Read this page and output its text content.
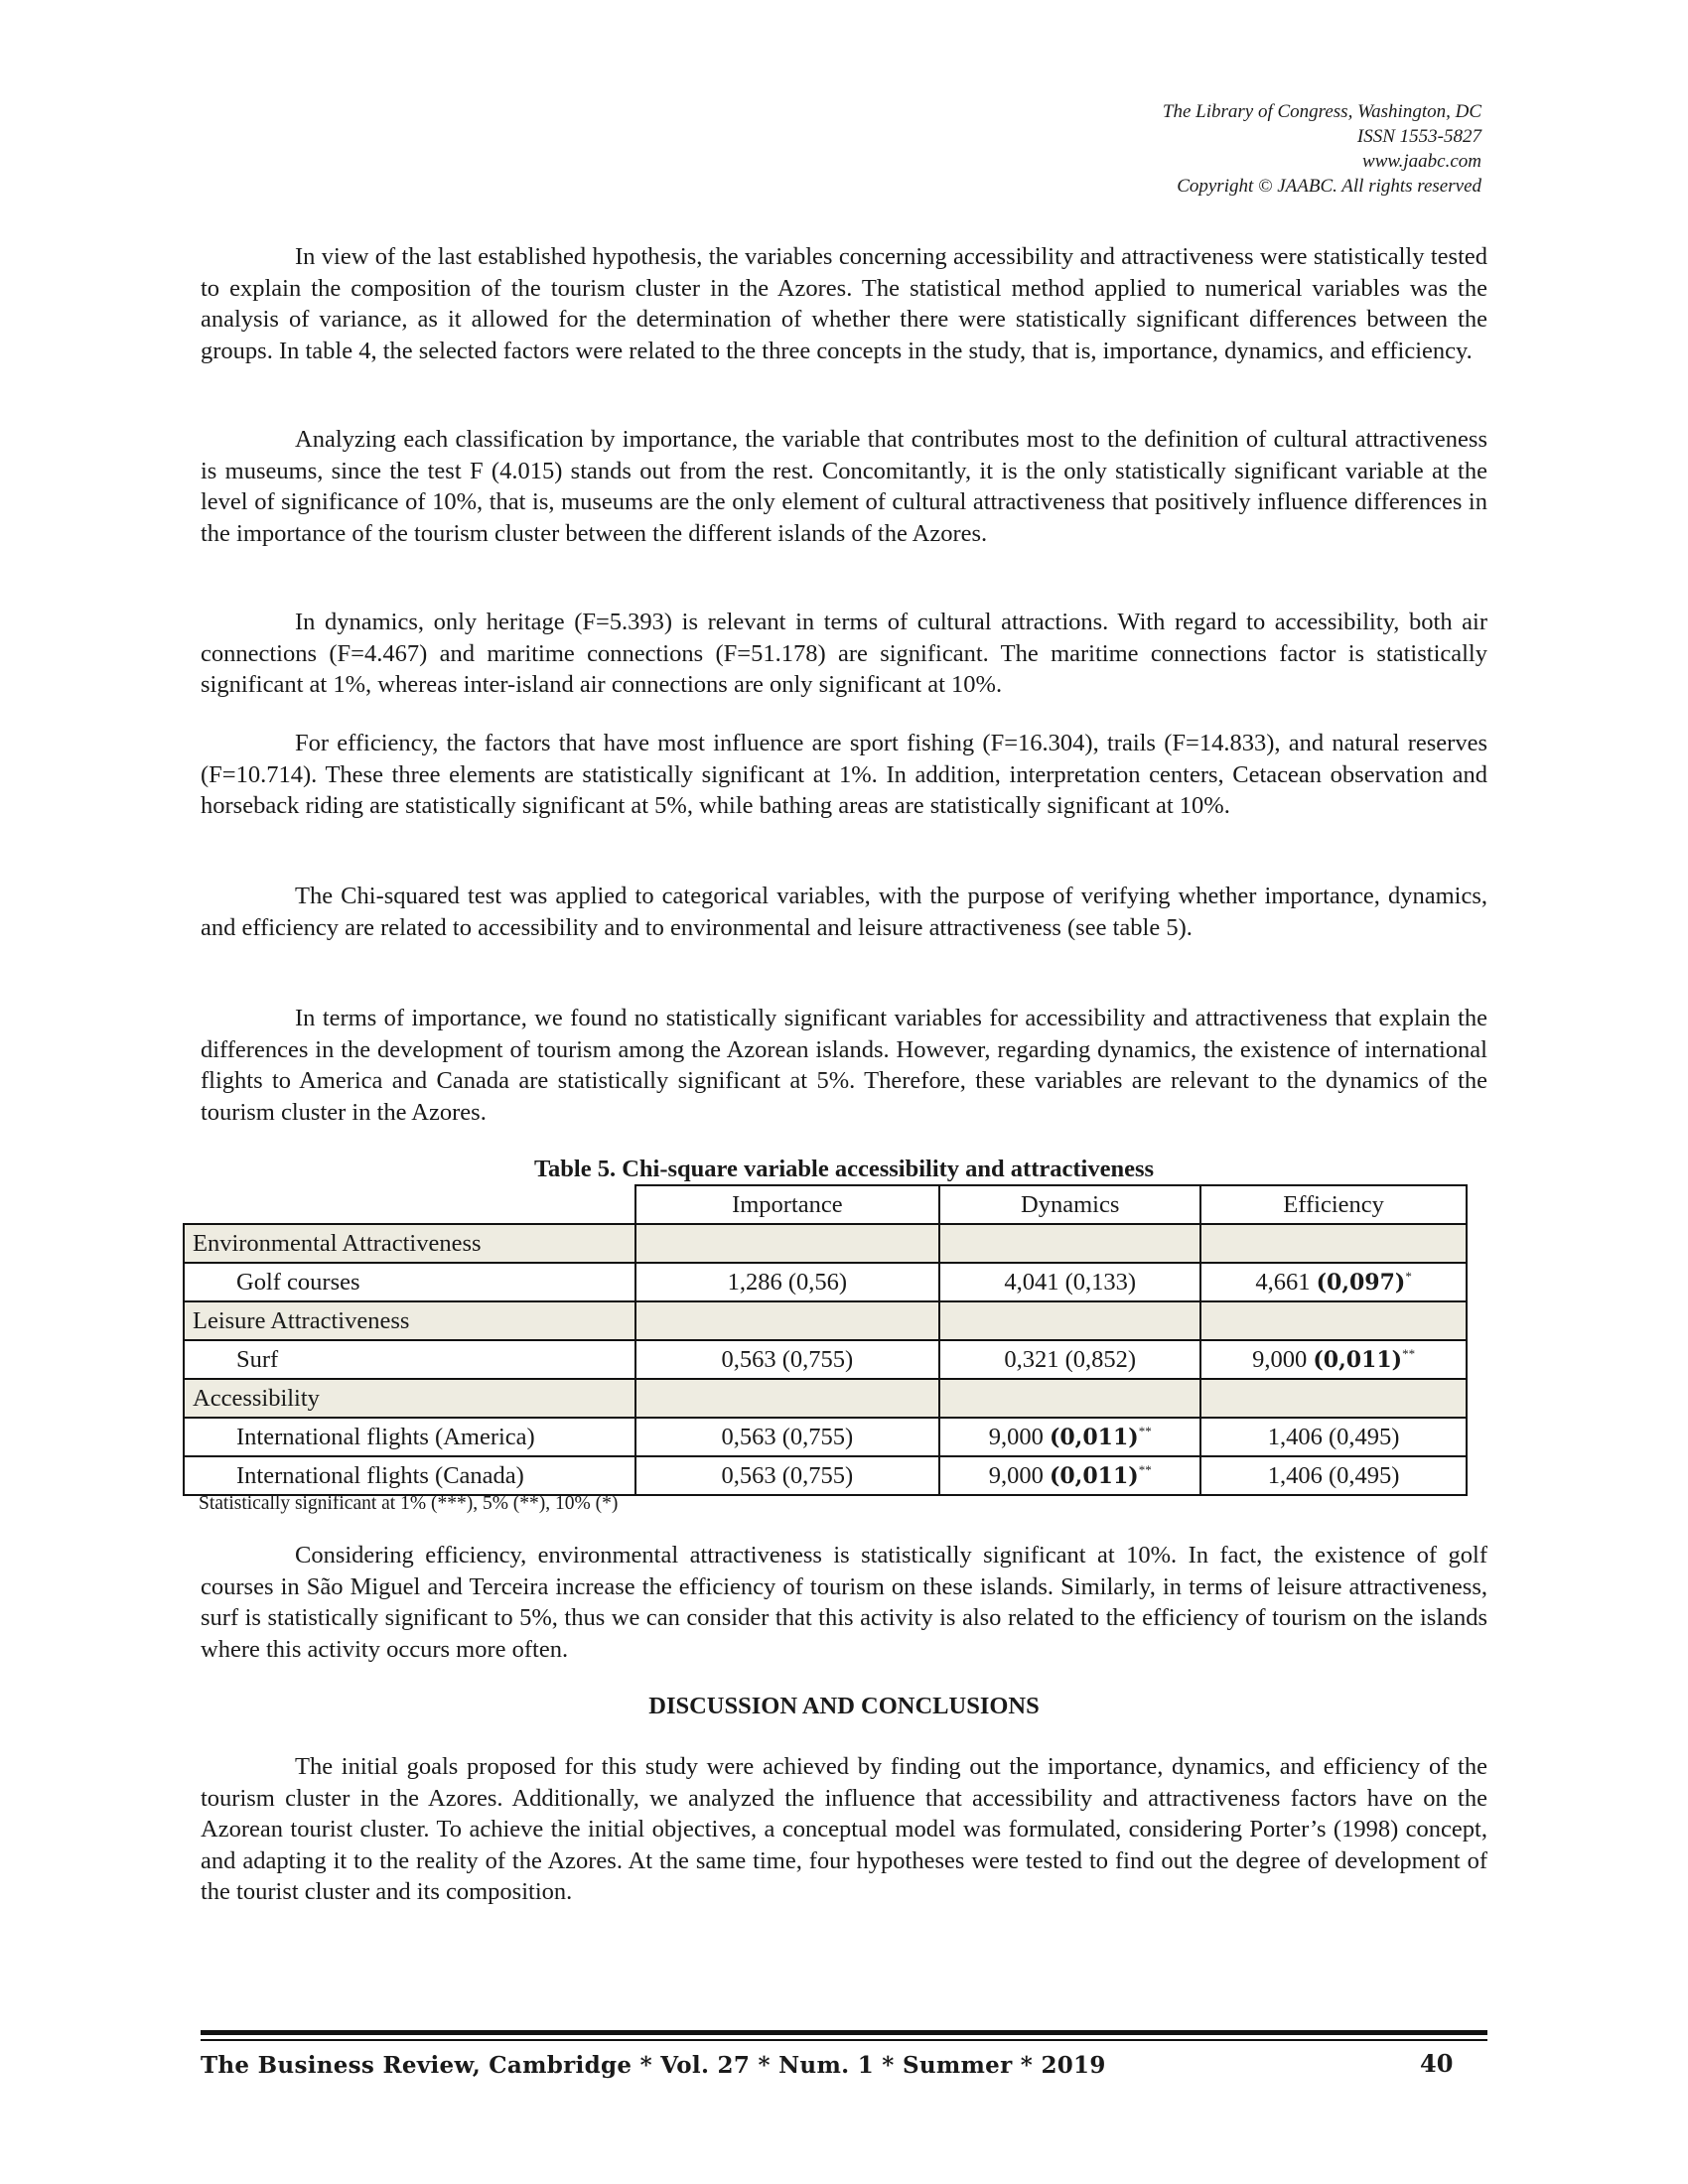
The Library of Congress, Washington, DC
ISSN 1553-5827
www.jaabc.com
Copyright © JAABC. All rights reserved

In view of the last established hypothesis, the variables concerning accessibility and attractiveness were statistically tested to explain the composition of the tourism cluster in the Azores. The statistical method applied to numerical variables was the analysis of variance, as it allowed for the determination of whether there were statistically significant differences between the groups. In table 4, the selected factors were related to the three concepts in the study, that is, importance, dynamics, and efficiency.

Analyzing each classification by importance, the variable that contributes most to the definition of cultural attractiveness is museums, since the test F (4.015) stands out from the rest. Concomitantly, it is the only statistically significant variable at the level of significance of 10%, that is, museums are the only element of cultural attractiveness that positively influence differences in the importance of the tourism cluster between the different islands of the Azores.

In dynamics, only heritage (F=5.393) is relevant in terms of cultural attractions. With regard to accessibility, both air connections (F=4.467) and maritime connections (F=51.178) are significant. The maritime connections factor is statistically significant at 1%, whereas inter-island air connections are only significant at 10%.

For efficiency, the factors that have most influence are sport fishing (F=16.304), trails (F=14.833), and natural reserves (F=10.714). These three elements are statistically significant at 1%. In addition, interpretation centers, Cetacean observation and horseback riding are statistically significant at 5%, while bathing areas are statistically significant at 10%.

The Chi-squared test was applied to categorical variables, with the purpose of verifying whether importance, dynamics, and efficiency are related to accessibility and to environmental and leisure attractiveness (see table 5).

In terms of importance, we found no statistically significant variables for accessibility and attractiveness that explain the differences in the development of tourism among the Azorean islands. However, regarding dynamics, the existence of international flights to America and Canada are statistically significant at 5%. Therefore, these variables are relevant to the dynamics of the tourism cluster in the Azores.

Table 5. Chi-square variable accessibility and attractiveness
	Importance	Dynamics	Efficiency
Environmental Attractiveness			
Golf courses	1,286 (0,56)	4,041 (0,133)	4,661 (0,097)*
Leisure Attractiveness			
Surf	0,563 (0,755)	0,321 (0,852)	9,000 (0,011)**
Accessibility			
International flights (America)	0,563 (0,755)	9,000 (0,011)**	1,406 (0,495)
International flights (Canada)	0,563 (0,755)	9,000 (0,011)**	1,406 (0,495)
Statistically significant at 1% (***), 5% (**), 10% (*)

Considering efficiency, environmental attractiveness is statistically significant at 10%. In fact, the existence of golf courses in São Miguel and Terceira increase the efficiency of tourism on these islands. Similarly, in terms of leisure attractiveness, surf is statistically significant to 5%, thus we can consider that this activity is also related to the efficiency of tourism on the islands where this activity occurs more often.

DISCUSSION AND CONCLUSIONS

The initial goals proposed for this study were achieved by finding out the importance, dynamics, and efficiency of the tourism cluster in the Azores. Additionally, we analyzed the influence that accessibility and attractiveness factors have on the Azorean tourist cluster. To achieve the initial objectives, a conceptual model was formulated, considering Porter’s (1998) concept, and adapting it to the reality of the Azores. At the same time, four hypotheses were tested to find out the degree of development of the tourist cluster and its composition.

The Business Review, Cambridge * Vol. 27 * Num. 1 * Summer * 2019	40
